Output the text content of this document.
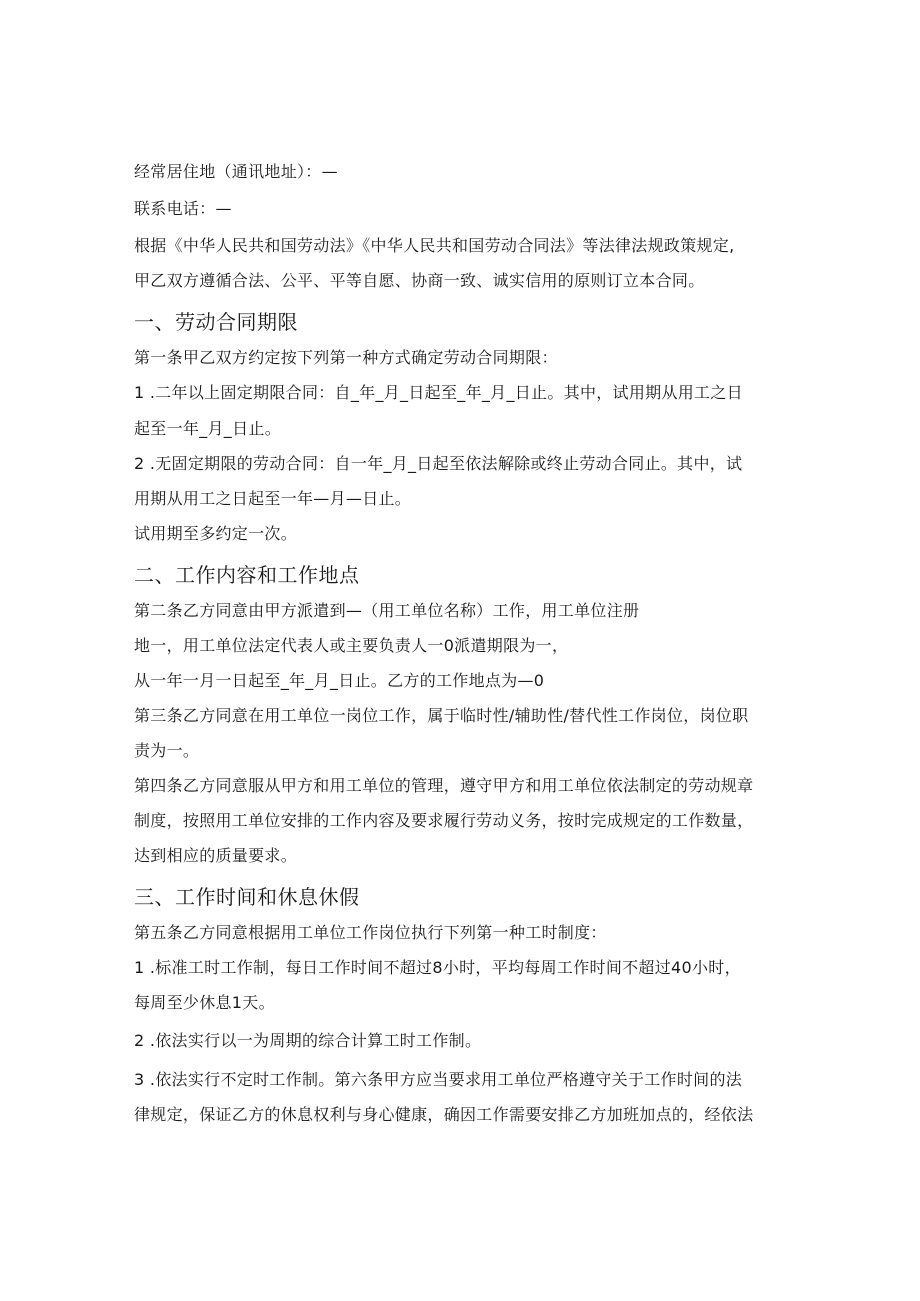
经常居住地（通讯地址）：—
联系电话：—
根据《中华人民共和国劳动法》《中华人民共和国劳动合同法》等法律法规政策规定,
甲乙双方遵循合法、公平、平等自愿、协商一致、诚实信用的原则订立本合同。
一、劳动合同期限
第一条甲乙双方约定按下列第一种方式确定劳动合同期限：
1 .二年以上固定期限合同：自_年_月_日起至_年_月_日止。其中，试用期从用工之日
起至一年_月_日止。
2 .无固定期限的劳动合同：自一年_月_日起至依法解除或终止劳动合同止。其中，试
用期从用工之日起至一年—月—日止。
试用期至多约定一次。
二、工作内容和工作地点
第二条乙方同意由甲方派遣到—（用工单位名称）工作，用工单位注册
地一，用工单位法定代表人或主要负责人一0派遣期限为一，
从一年一月一日起至_年_月_日止。乙方的工作地点为—0
第三条乙方同意在用工单位一岗位工作，属于临时性/辅助性/替代性工作岗位，岗位职
责为一。
第四条乙方同意服从甲方和用工单位的管理，遵守甲方和用工单位依法制定的劳动规章
制度，按照用工单位安排的工作内容及要求履行劳动义务，按时完成规定的工作数量，
达到相应的质量要求。
三、工作时间和休息休假
第五条乙方同意根据用工单位工作岗位执行下列第一种工时制度：
1 .标准工时工作制，每日工作时间不超过8小时，平均每周工作时间不超过40小时，
每周至少休息1天。
2 .依法实行以一为周期的综合计算工时工作制。
3 .依法实行不定时工作制。第六条甲方应当要求用工单位严格遵守关于工作时间的法
律规定，保证乙方的休息权利与身心健康，确因工作需要安排乙方加班加点的，经依法
